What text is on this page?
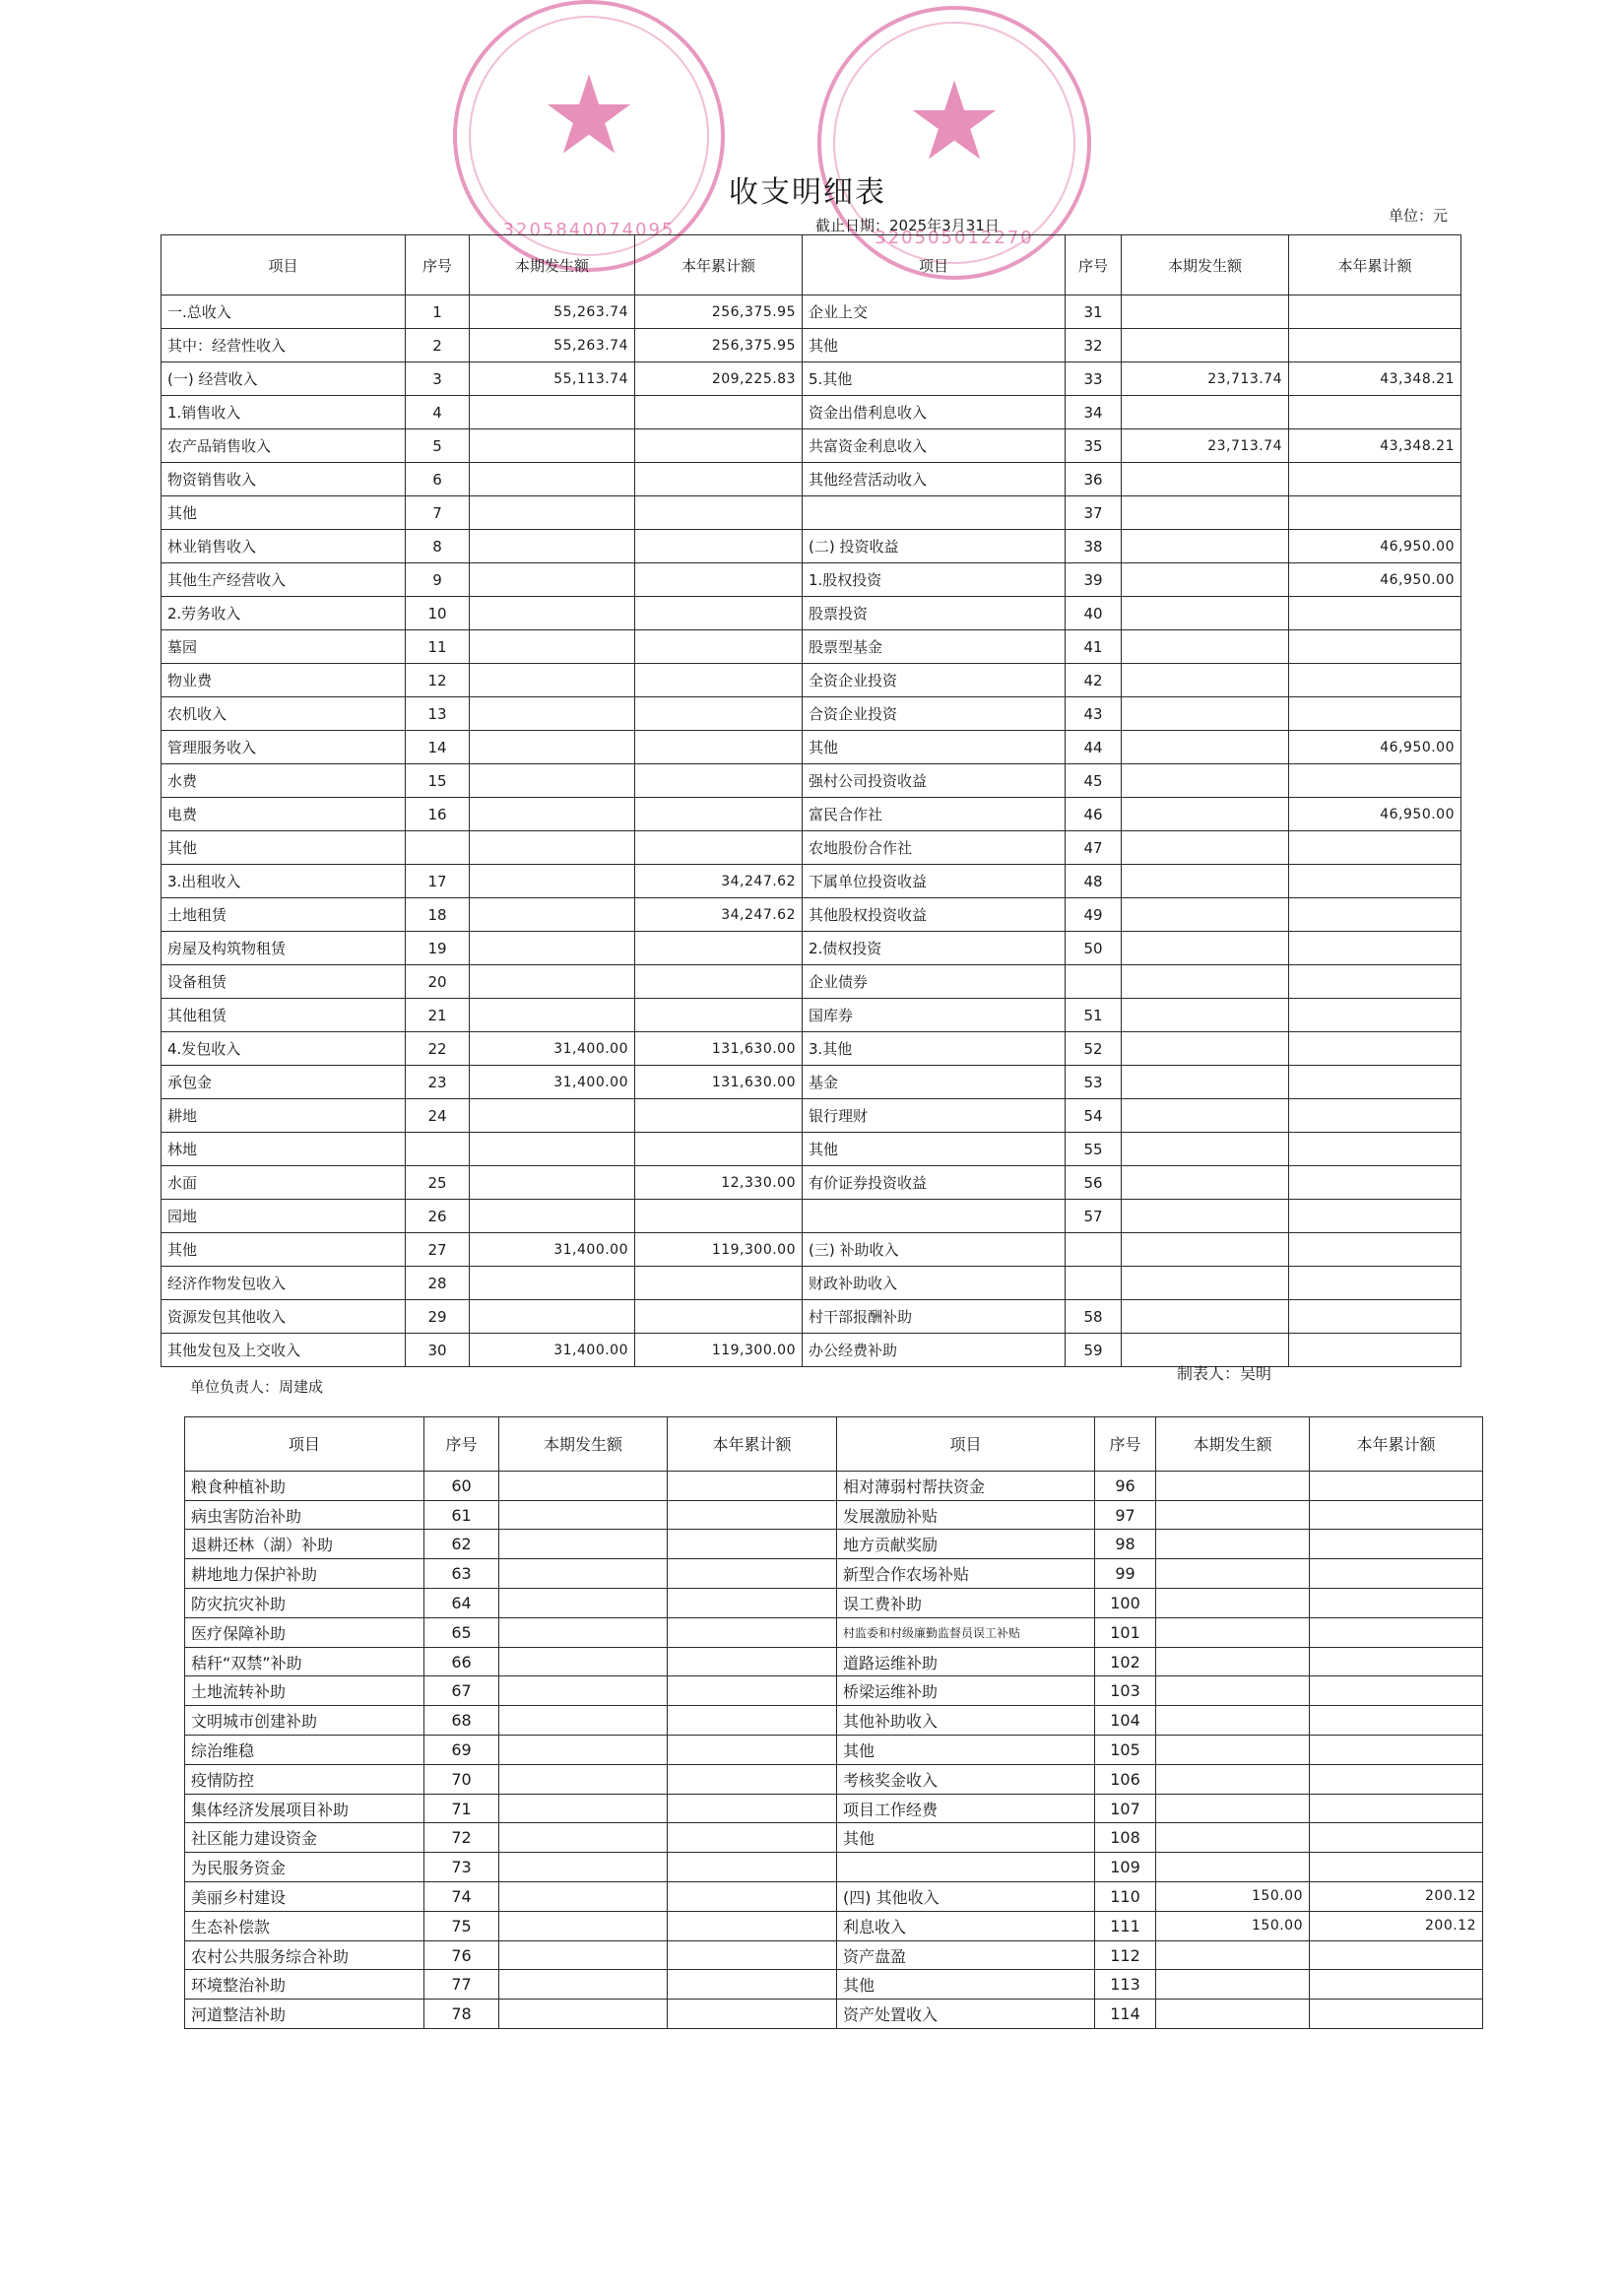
★
3205840074095
★
320505012270
收支明细表
截止日期：2025年3月31日
单位：元
项目	序号	本期发生额	本年累计额	项目	序号	本期发生额	本年累计额
一.总收入	1	55,263.74	256,375.95	企业上交	31		
其中：经营性收入	2	55,263.74	256,375.95	其他	32		
(一) 经营收入	3	55,113.74	209,225.83	5.其他	33	23,713.74	43,348.21
1.销售收入	4			资金出借利息收入	34		
农产品销售收入	5			共富资金利息收入	35	23,713.74	43,348.21
物资销售收入	6			其他经营活动收入	36		
其他	7				37		
林业销售收入	8			(二) 投资收益	38		46,950.00
其他生产经营收入	9			1.股权投资	39		46,950.00
2.劳务收入	10			股票投资	40		
墓园	11			股票型基金	41		
物业费	12			全资企业投资	42		
农机收入	13			合资企业投资	43		
管理服务收入	14			其他	44		46,950.00
水费	15			强村公司投资收益	45		
电费	16			富民合作社	46		46,950.00
其他				农地股份合作社	47		
3.出租收入	17		34,247.62	下属单位投资收益	48		
土地租赁	18		34,247.62	其他股权投资收益	49		
房屋及构筑物租赁	19			2.债权投资	50		
设备租赁	20			企业债券			
其他租赁	21			国库券	51		
4.发包收入	22	31,400.00	131,630.00	3.其他	52		
承包金	23	31,400.00	131,630.00	基金	53		
耕地	24			银行理财	54		
林地				其他	55		
水面	25		12,330.00	有价证券投资收益	56		
园地	26				57		
其他	27	31,400.00	119,300.00	(三) 补助收入			
经济作物发包收入	28			财政补助收入			
资源发包其他收入	29			村干部报酬补助	58		
其他发包及上交收入	30	31,400.00	119,300.00	办公经费补助	59		
单位负责人：周建成
制表人：吴明
项目	序号	本期发生额	本年累计额	项目	序号	本期发生额	本年累计额
粮食种植补助	60			相对薄弱村帮扶资金	96		
病虫害防治补助	61			发展激励补贴	97		
退耕还林（湖）补助	62			地方贡献奖励	98		
耕地地力保护补助	63			新型合作农场补贴	99		
防灾抗灾补助	64			误工费补助	100		
医疗保障补助	65			村监委和村级廉勤监督员误工补贴	101		
秸秆“双禁”补助	66			道路运维补助	102		
土地流转补助	67			桥梁运维补助	103		
文明城市创建补助	68			其他补助收入	104		
综治维稳	69			其他	105		
疫情防控	70			考核奖金收入	106		
集体经济发展项目补助	71			项目工作经费	107		
社区能力建设资金	72			其他	108		
为民服务资金	73				109		
美丽乡村建设	74			(四) 其他收入	110	150.00	200.12
生态补偿款	75			利息收入	111	150.00	200.12
农村公共服务综合补助	76			资产盘盈	112		
环境整治补助	77			其他	113		
河道整洁补助	78			资产处置收入	114		
